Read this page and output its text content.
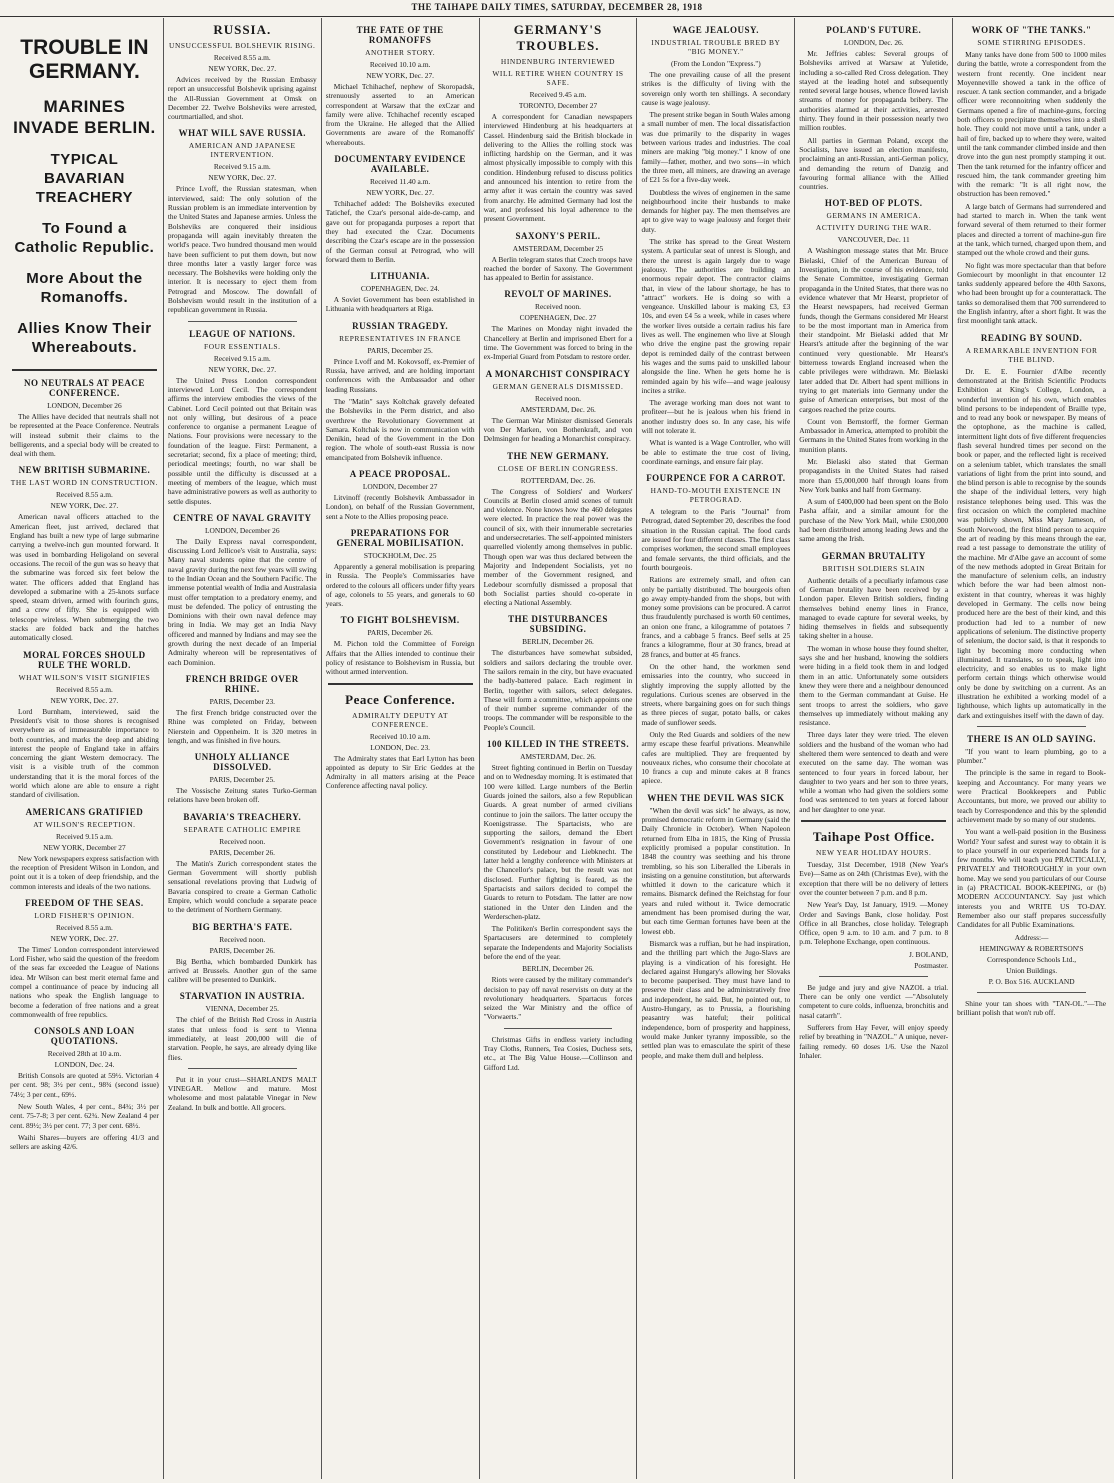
THE TAIHAPE DAILY TIMES, SATURDAY, DECEMBER 28, 1918
TROUBLE IN GERMANY.
MARINES INVADE BERLIN.
TYPICAL BAVARIAN TREACHERY
To Found a Catholic Republic.
More About the Romanoffs.
Allies Know Their Whereabouts.
NO NEUTRALS AT PEACE CONFERENCE.
LONDON, December 26

The Allies have decided that neutrals shall not be represented at the Peace Conference. Neutrals will instead submit their claims to the belligerents, and a special body will be created to deal with them.

NEW BRITISH SUBMARINE.
THE LAST WORD IN CONSTRUCTION.
Received 8.55 a.m.
NEW YORK, Dec. 27.

American naval officers attached to the American fleet, just arrived, declared that England has built a new type of large submarine carrying a twelve-inch gun mounted forward. It was used in bombarding Heligoland on several occasions. The recoil of the gun was so heavy that the submarine was forced six feet below the water. The officers added that England has developed a submarine with a 25-knots surface speed, steam driven, armed with fourinch guns, and a crew of fifty. She is equipped with telescope wireless. When submerging the two stacks are folded back and the hatches automatically closed.

MORAL FORCES SHOULD RULE THE WORLD.
WHAT WILSON'S VISIT SIGNIFIES
Received 8.55 a.m.
NEW YORK, Dec. 27.

Lord Burnham, interviewed, said the President's visit to those shores is recognised everywhere as of immeasurable importance to both countries, and marks the deep and abiding interest the people of England take in affairs concerning the giant Western democracy. The visit is a visible truth of the common understanding that it is the moral forces of the world which alone are able to ensure a right standard of civilisation.

AMERICANS GRATIFIED
AT WILSON'S RECEPTION.
Received 9.15 a.m.
NEW YORK, December 27

New York newspapers express satisfaction with the reception of President Wilson in London, and point out it is a token of deep friendship, and the common interests and ideals of the two nations.

FREEDOM OF THE SEAS.
LORD FISHER'S OPINION.
Received 8.55 a.m.
NEW YORK, Dec. 27.

The Times' London correspondent interviewed Lord Fisher, who said the question of the freedom of the seas far exceeded the League of Nations idea. Mr Wilson can best merit eternal fame and compel a continuance of peace by inducing all nations who speak the English language to become a federation of free nations and a great commonwealth of free republics.

CONSOLS AND LOAN QUOTATIONS.
Received 28th at 10 a.m.
LONDON, Dec. 24.

British Consols are quoted at 59½. Victorian 4 per cent. 98; 3½ per cent., 98¾ (second issue) 74½; 3 per cent., 69½.

New South Wales, 4 per cent., 84¾; 3½ per cent. 75-7-8; 3 per cent. 62¾. New Zealand 4 per cent. 89½; 3½ per cent. 77; 3 per cent. 68½.

Waihi Shares—buyers are offering 41/3 and sellers are asking 42/6.

RUSSIA.
UNSUCCESSFUL BOLSHEVIK RISING.
Received 8.55 a.m.
NEW YORK, Dec. 27.

Advices received by the Russian Embassy report an unsuccessful Bolshevik uprising against the All-Russian Government at Omsk on December 22. Twelve Bolsheviks were arrested, courtmartialled, and shot.

WHAT WILL SAVE RUSSIA.
AMERICAN AND JAPANESE INTERVENTION.
Received 9.15 a.m.
NEW YORK, Dec. 27.

Prince Lvoff, the Russian statesman, when interviewed, said: The only solution of the Russian problem is an immediate intervention by the United States and Japanese armies. Unless the Bolsheviks are conquered their insidious propaganda will again inevitably threaten the world's peace. Two hundred thousand men would have been sufficient to put them down, but now three months later a vastly larger force was necessary. The Bolsheviks were holding only the interior. It is necessary to eject them from Petrograd and Moscow. The downfall of Bolshevism would result in the institution of a republican government in Russia.

LEAGUE OF NATIONS.
FOUR ESSENTIALS.
Received 9.15 a.m.
NEW YORK, Dec. 27.

The United Press London correspondent interviewed Lord Cecil. The correspondent affirms the interview embodies the views of the Cabinet. Lord Cecil pointed out that Britain was not only willing, but desirous of a peace conference to organise a permanent League of Nations. Four provisions were necessary to the foundation of the league. First: Permanent, a secretariat; second, fix a place of meeting; third, periodical meetings; fourth, no war shall be possible until the difficulty is discussed at a meeting of members of the league, which must have administrative powers as well as authority to settle disputes.

CENTRE OF NAVAL GRAVITY
LONDON, December 26

The Daily Express naval correspondent, discussing Lord Jellicoe's visit to Australia, says: Many naval students opine that the centre of naval gravity during the next few years will swing to the Indian Ocean and the Southern Pacific. The immense potential wealth of India and Australasia must offer temptation to a predatory enemy, and must be defended. The policy of entrusting the Dominions with their own naval defence may bring in India. We may get an India Navy officered and manned by Indians and may see the growth during the next decade of an Imperial Admiralty whereon will be representatives of each Dominion.

FRENCH BRIDGE OVER RHINE.
PARIS, December 23.

The first French bridge constructed over the Rhine was completed on Friday, between Nierstein and Oppenheim. It is 320 metres in length, and was finished in five hours.

UNHOLY ALLIANCE DISSOLVED.
PARIS, December 25.

The Vossische Zeitung states Turko-German relations have been broken off.

BAVARIA'S TREACHERY.
SEPARATE CATHOLIC EMPIRE
Received noon.
PARIS, December 26.

The Matin's Zurich correspondent states the German Government will shortly publish sensational revelations proving that Ludwig of Bavaria conspired to create a German Catholic Empire, which would conclude a separate peace to the detriment of Northern Germany.

BIG BERTHA'S FATE.
Received noon.
PARIS, December 26.

Big Bertha, which bombarded Dunkirk has arrived at Brussels. Another gun of the same calibre will be presented to Dunkirk.

STARVATION IN AUSTRIA.
VIENNA, December 25.

The chief of the British Red Cross in Austria states that unless food is sent to Vienna immediately, at least 200,000 will die of starvation. People, he says, are already dying like flies.

Put it in your crust—SHARLAND'S MALT VINEGAR. Mellow and mature. Most wholesome and most palatable Vinegar in New Zealand. In bulk and bottle. All grocers.

THE FATE OF THE ROMANOFFS
ANOTHER STORY.
Received 10.10 a.m.
NEW YORK, Dec. 27.

Michael Tchihachef, nephew of Skoropadsk, strenuously asserted to an American correspondent at Warsaw that the exCzar and family were alive. Tchihachef recently escaped from the Ukraine. He alleged that the Allied Governments are aware of the Romanoffs' whereabouts.

DOCUMENTARY EVIDENCE AVAILABLE.
Received 11.40 a.m.
NEW YORK, Dec. 27.

Tchihachef added: The Bolsheviks executed Tatichef, the Czar's personal aide-de-camp, and gave out for propaganda purposes a report that they had executed the Czar. Documents describing the Czar's escape are in the possession of the German consul at Petrograd, who will forward them to Berlin.

LITHUANIA.
COPENHAGEN, Dec. 24.

A Soviet Government has been established in Lithuania with headquarters at Riga.

RUSSIAN TRAGEDY.
REPRESENTATIVES IN FRANCE
PARIS, December 25.

Prince Lvoff and M. Kokovsoff, ex-Premier of Russia, have arrived, and are holding important conferences with the Ambassador and other leading Russians.

The "Matin" says Koltchak gravely defeated the Bolsheviks in the Perm district, and also overthrew the Revolutionary Government at Samara. Koltchak is now in communication with Denikin, head of the Government in the Don region. The whole of south-east Russia is now emancipated from Bolshevik influence.

A PEACE PROPOSAL.
LONDON, December 27

Litvinoff (recently Bolshevik Ambassador in London), on behalf of the Russian Government, sent a Note to the Allies proposing peace.

PREPARATIONS FOR GENERAL MOBILISATION.
STOCKHOLM, Dec. 25

Apparently a general mobilisation is preparing in Russia. The People's Commissaries have ordered to the colours all officers under fifty years of age, colonels to 55 years, and generals to 60 years.

TO FIGHT BOLSHEVISM.
PARIS, December 26.

M. Pichon told the Committee of Foreign Affairs that the Allies intended to continue their policy of resistance to Bolshevism in Russia, but without armed intervention.

Peace Conference.
ADMIRALTY DEPUTY AT CONFERENCE.
Received 10.10 a.m.
LONDON, Dec. 23.

The Admiralty states that Earl Lytton has been appointed as deputy to Sir Eric Geddes at the Admiralty in all matters arising at the Peace Conference affecting naval policy.

GERMANY'S TROUBLES.
HINDENBURG INTERVIEWED
WILL RETIRE WHEN COUNTRY IS SAFE.
Received 9.45 a.m.
TORONTO, December 27

A correspondent for Canadian newspapers interviewed Hindenburg at his headquarters at Cassel. Hindenburg said the British blockade in delivering to the Allies the rolling stock was inflicting hardship on the German, and it was almost physically impossible to comply with this condition. Hindenburg refused to discuss politics and announced his intention to retire from the army after it was certain the country was saved from anarchy. He admitted Germany had lost the war, and professed his loyal adherence to the present Government.

SAXONY'S PERIL.
AMSTERDAM, December 25

A Berlin telegram states that Czech troops have reached the border of Saxony. The Government has appealed to Berlin for assistance.

REVOLT OF MARINES.
Received noon.
COPENHAGEN, Dec. 27

The Marines on Monday night invaded the Chancellery at Berlin and imprisoned Ebert for a time. The Government was forced to bring in the ex-Imperial Guard from Potsdam to restore order.

A MONARCHIST CONSPIRACY
GERMAN GENERALS DISMISSED.
Received noon.
AMSTERDAM, Dec. 26.

The German War Minister dismissed Generals von Der Marken, von Bothenkraft, and von Delmsingen for heading a Monarchist conspiracy.

THE NEW GERMANY.
CLOSE OF BERLIN CONGRESS.
ROTTERDAM, Dec. 26.

The Congress of Soldiers' and Workers' Councils at Berlin closed amid scenes of tumult and violence. None knows how the 460 delegates were elected. In practice the real power was the council of six, with their innumerable secretaries and undersecretaries. The self-appointed ministers quarrelled violently among themselves in public. Though open war was thus declared between the Majority and Independent Socialists, yet no member of the Government resigned, and Ledebour scornfully dismissed a proposal that both Socialist parties should co-operate in electing a National Assembly.

THE DISTURBANCES SUBSIDING.
BERLIN, December 26.

The disturbances have somewhat subsided, soldiers and sailors declaring the trouble over. The sailors remain in the city, but have evacuated the badly-battered palace. Each regiment in Berlin, together with sailors, select delegates. These will form a committee, which appoints one of their number supreme commander of the troops. The commander will be responsible to the People's Council.

100 KILLED IN THE STREETS.
AMSTERDAM, Dec. 26.

Street fighting continued in Berlin on Tuesday and on to Wednesday morning. It is estimated that 100 were killed. Large numbers of the Berlin Guards joined the sailors, also a few Republican Guards. A great number of armed civilians continue to join the sailors. The latter occupy the Koenigstrasse. The Spartacists, who are supporting the sailors, demand the Ebert Government's resignation in favour of one constituted by Ledebour and Liebknecht. The latter held a lengthy conference with Ministers at the Chancellor's palace, but the result was not disclosed. Further fighting is feared, as the Spartacists and sailors decided to compel the Guards to return to Potsdam. The latter are now stationed in the Unter den Linden and the Werderschen-platz.

The Politiken's Berlin correspondent says the Spartacusers are determined to completely separate the Independents and Majority Socialists before the end of the year.

BERLIN, December 26.

Riots were caused by the military commander's decision to pay off naval reservists on duty at the revolutionary headquarters. Spartacus forces seized the War Ministry and the office of "Vorwaerts."

Christmas Gifts in endless variety including Tray Cloths, Runners, Tea Cosies, Duchess sets, etc., at The Big Value House.—Collinson and Gifford Ltd.

WAGE JEALOUSY.
INDUSTRIAL TROUBLE BRED BY "BIG MONEY."
(From the London "Express.")

The one prevailing cause of all the present strikes is the difficulty of living with the sovereign only worth ten shillings. A secondary cause is wage jealousy.

The present strike began in South Wales among a small number of men. The local dissatisfaction was due primarily to the disparity in wages between various trades and industries. The coal miners are making "big money." I know of one family—father, mother, and two sons—in which the three men, all miners, are drawing an average of £21 5s for a five-day week.

Doubtless the wives of enginemen in the same neighbourhood incite their husbands to make demands for higher pay. The men themselves are apt to give way to wage jealousy and forget their duty.

The strike has spread to the Great Western system. A particular seat of unrest is Slough, and there the unrest is again largely due to wage jealousy. The authorities are building an enormous repair depot. The contractor claims that, in view of the labour shortage, he has to "attract" workers. He is doing so with a vengeance. Unskilled labour is making £3, £3 10s, and even £4 5s a week, while in cases where the worker lives outside a certain radius his fare lives as well. The enginemen who live at Slough who drive the engine past the growing repair depot is reminded daily of the contrast between his wages and the sums paid to unskilled labour alongside the line. When he gets home he is reminded again by his wife—and wage jealousy incites a strike.

The average working man does not want to profiteer—but he is jealous when his friend in another industry does so. In any case, his wife will not tolerate it.

What is wanted is a Wage Controller, who will be able to estimate the true cost of living, coordinate earnings, and ensure fair play.

FOURPENCE FOR A CARROT.
HAND-TO-MOUTH EXISTENCE IN PETROGRAD.

A telegram to the Paris "Journal" from Petrograd, dated September 20, describes the food situation in the Russian capital. The food cards are issued for four different classes. The first class comprises workmen, the second small employees and female servants, the third officials, and the fourth bourgeois.

Rations are extremely small, and often can only be partially distributed. The bourgeois often go away empty-handed from the shops, but with money some provisions can be procured. A carrot thus fraudulently purchased is worth 60 centimes, an onion one franc, a kilogramme of potatoes 7 francs, and a cabbage 5 francs. Beef sells at 25 francs a kilogramme, flour at 30 francs, bread at 28 francs, and butter at 45 francs.

On the other hand, the workmen send emissaries into the country, who succeed in slightly improving the supply allotted by the regulations. Curious scenes are observed in the streets, where bargaining goes on for such things as three pieces of sugar, potato balls, or cakes made of sunflower seeds.

Only the Red Guards and soldiers of the new army escape these fearful privations. Meanwhile cafes are multiplied. They are frequented by nouveaux riches, who consume their chocolate at 10 francs a cup and minute cakes at 8 francs apiece.

WHEN THE DEVIL WAS SICK

"When the devil was sick" he always, as now, promised democratic reform in Germany (said the Daily Chronicle in October). When Napoleon returned from Elba in 1815, the King of Prussia explicitly promised a popular constitution. In 1848 the country was seething and his throne trembling, so his son Liberalled the Liberals in insisting on a genuine constitution, but afterwards whittled it down to the caricature which it remains. Bismarck defined the Reichstag for four years and ruled without it. Twice democratic amendment has been promised during the war, but each time German fortunes have been at the lowest ebb.

Bismarck was a ruffian, but he had inspiration, and the thrilling part which the Jugo-Slavs are playing is a vindication of his foresight. He declared against Hungary's allowing her Slovaks to become pauperised. They must have land to preserve their class and be administratively free and independent, he said. But, he pointed out, to Austro-Hungary, as to Prussia, a flourishing peasantry was hateful; their political independence, born of prosperity and happiness, would make Junker tyranny impossible, so the settled plan was to emasculate the spirit of these people, and make them dull and helpless.

POLAND'S FUTURE.
LONDON, Dec. 26.

Mr. Jeffries cables: Several groups of Bolsheviks arrived at Warsaw at Yuletide, including a so-called Red Cross delegation. They stayed at the leading hotel and subsequently rented several large houses, whence flowed lavish streams of money for propaganda bribery. The authorities alarmed at their activities, arrested thirty. They found in their possession nearly two million roubles.

All parties in German Poland, except the Socialists, have issued an election manifesto, proclaiming an anti-Russian, anti-German policy, and demanding the return of Danzig and favouring formal alliance with the Allied countries.

HOT-BED OF PLOTS.
GERMANS IN AMERICA.
ACTIVITY DURING THE WAR.
VANCOUVER, Dec. 11

A Washington message states that Mr. Bruce Bielaski, Chief of the American Bureau of Investigation, in the course of his evidence, told the Senate Committee, investigating German propaganda in the United States, that there was no evidence whatever that Mr Hearst, proprietor of the Hearst newspapers, had received German funds, though the Germans considered Mr Hearst to be the most important man in America from their standpoint. Mr Bielaski added that Mr Hearst's attitude after the beginning of the war continued very questionable. Mr Hearst's bitterness towards England increased when the cable privileges were withdrawn. Mr. Bielaski later added that Dr. Albert had spent millions in trying to get materials into Germany under the guise of American enterprises, but most of the cargoes reached the prize courts.

Count von Bernstorff, the former German Ambassador in America, attempted to prohibit the Germans in the United States from working in the munition plants.

Mr. Bielaski also stated that German propagandists in the United States had raised more than £5,000,000 half through loans from New York banks and half from Germany.

A sum of £400,000 had been spent on the Bolo Pasha affair, and a similar amount for the purchase of the New York Mail, while £300,000 had been distributed among leading Jews and the same among the Irish.

GERMAN BRUTALITY
BRITISH SOLDIERS SLAIN

Authentic details of a peculiarly infamous case of German brutality have been received by a London paper. Eleven British soldiers, finding themselves behind enemy lines in France, managed to evade capture for several weeks, by hiding themselves in fields and subsequently taking shelter in a house.

The woman in whose house they found shelter, says she and her husband, knowing the soldiers were hiding in a field took them in and lodged them in an attic. Unfortunately some outsiders knew they were there and a neighbour denounced them to the German commandant at Guise. He sent troops to arrest the soldiers, who gave themselves up immediately without making any resistance.

Three days later they were tried. The eleven soldiers and the husband of the woman who had sheltered them were sentenced to death and were executed on the same day. The woman was sentenced to four years in forced labour, her daughter to two years and her son to three years, while a woman who had given the soldiers some food was sentenced to ten years at forced labour and her daughter to one year.

Taihape Post Office.
NEW YEAR HOLIDAY HOURS.

Tuesday, 31st December, 1918 (New Year's Eve)—Same as on 24th (Christmas Eve), with the exception that there will be no delivery of letters over the counter between 7 p.m. and 8 p.m.

New Year's Day, 1st January, 1919. —Money Order and Savings Bank, close holiday. Post Office in all Branches, close holiday. Telegraph Office, open 9 a.m. to 10 a.m. and 7 p.m. to 8 p.m. Telephone Exchange, open continuous.

J. BOLAND,
Postmaster.

Be judge and jury and give NAZOL a trial. There can be only one verdict —"Absolutely competent to cure colds, influenza, bronchitis and nasal catarrh".

Sufferers from Hay Fever, will enjoy speedy relief by breathing in "NAZOL." A unique, never-failing remedy. 60 doses 1/6. Use the Nazol Inhaler.

WORK OF "THE TANKS."
SOME STIRRING EPISODES.

Many tanks have done from 500 to 1000 miles during the battle, wrote a correspondent from the western front recently. One incident near Moyenneville showed a tank in the office of rescuer. A tank section commander, and a brigade officer were reconnoitring when suddenly the Germans opened a fire of machine-guns, forcing both officers to precipitate themselves into a shell hole. They could not move until a tank, under a hail of fire, backed up to where they were, waited until the tank commander climbed inside and then drove into the gun nest promptly stamping it out. Then the tank returned for the infantry officer and rescued him, the tank commander greeting him with the remark: "It is all right now, the obstruction has been removed."

A large batch of Germans had surrendered and had started to march in. When the tank went forward several of them returned to their former places and directed a torrent of machine-gun fire at the tank, which turned, charged upon them, and stamped out the whole crowd and their guns.

No fight was more spectacular than that before Gomiecourt by moonlight in that encounter 12 tanks suddenly appeared before the 40th Saxons, who had been brought up for a counterattack. The tanks so demoralised them that 700 surrendered to the English infantry, after a short fight. It was the first moonlight tank attack.

READING BY SOUND.
A REMARKABLE INVENTION FOR THE BLIND.

Dr. E. E. Fournier d'Albe recently demonstrated at the British Scientific Products Exhibition at King's College, London, a wonderful invention of his own, which enables blind persons to be independent of Braille type, and to read any book or newspaper. By means of the optophone, as the machine is called, intermittent light dots of five different frequencies flash several hundred times per second on the book or paper, and the reflected light is received on a selenium tablet, which translates the small variations of light from the print into sound, and the blind person is able to recognise by the sounds the shape of the individual letters, very high resistance telephones being used. This was the first occasion on which the completed machine was publicly shown, Miss Mary Jameson, of South Norwood, the first blind person to acquire the art of reading by this means through the ear, read a test passage to demonstrate the utility of the machine. Mr d'Albe gave an account of some of the new methods adopted in Great Britain for the manufacture of selenium cells, an industry which before the war had been almost non-existent in that country, whereas it was highly developed in Germany. The cells now being produced here are the best of their kind, and this production had led to a number of new applications of selenium. The distinctive property of selenium, the doctor said, is that it responds to light by becoming more conducting when illuminated. It translates, so to speak, light into electricity, and so enables us to make light perform certain things which otherwise would only be done by switching on a current. As an illustration he exhibited a working model of a lighthouse, which lights up automatically in the dark and extinguishes itself with the dawn of day.

THERE IS AN OLD SAYING.

"If you want to learn plumbing, go to a plumber."

The principle is the same in regard to Book-keeping and Accountancy. For many years we were Practical Bookkeepers and Public Accountants, but more, we proved our ability to teach by Correspondence and this by the splendid achievement made by so many of our students.

You want a well-paid position in the Business World? Your safest and surest way to obtain it is to place yourself in our experienced hands for a few months. We will teach you PRACTICALLY, PRIVATELY and THOROUGHLY in your own home. May we send you particulars of our Course in (a) PRACTICAL BOOK-KEEPING, or (b) MODERN ACCOUNTANCY. Say just which interests you and WRITE US TO-DAY. Remember also our staff prepares successfully Candidates for all Public Examinations.

Address:—
HEMINGWAY & ROBERTSON'S
Correspondence Schools Ltd.,
Union Buildings.
P. O. Box 516. AUCKLAND

Shine your tan shoes with "TAN-OL."—The brilliant polish that won't rub off.
